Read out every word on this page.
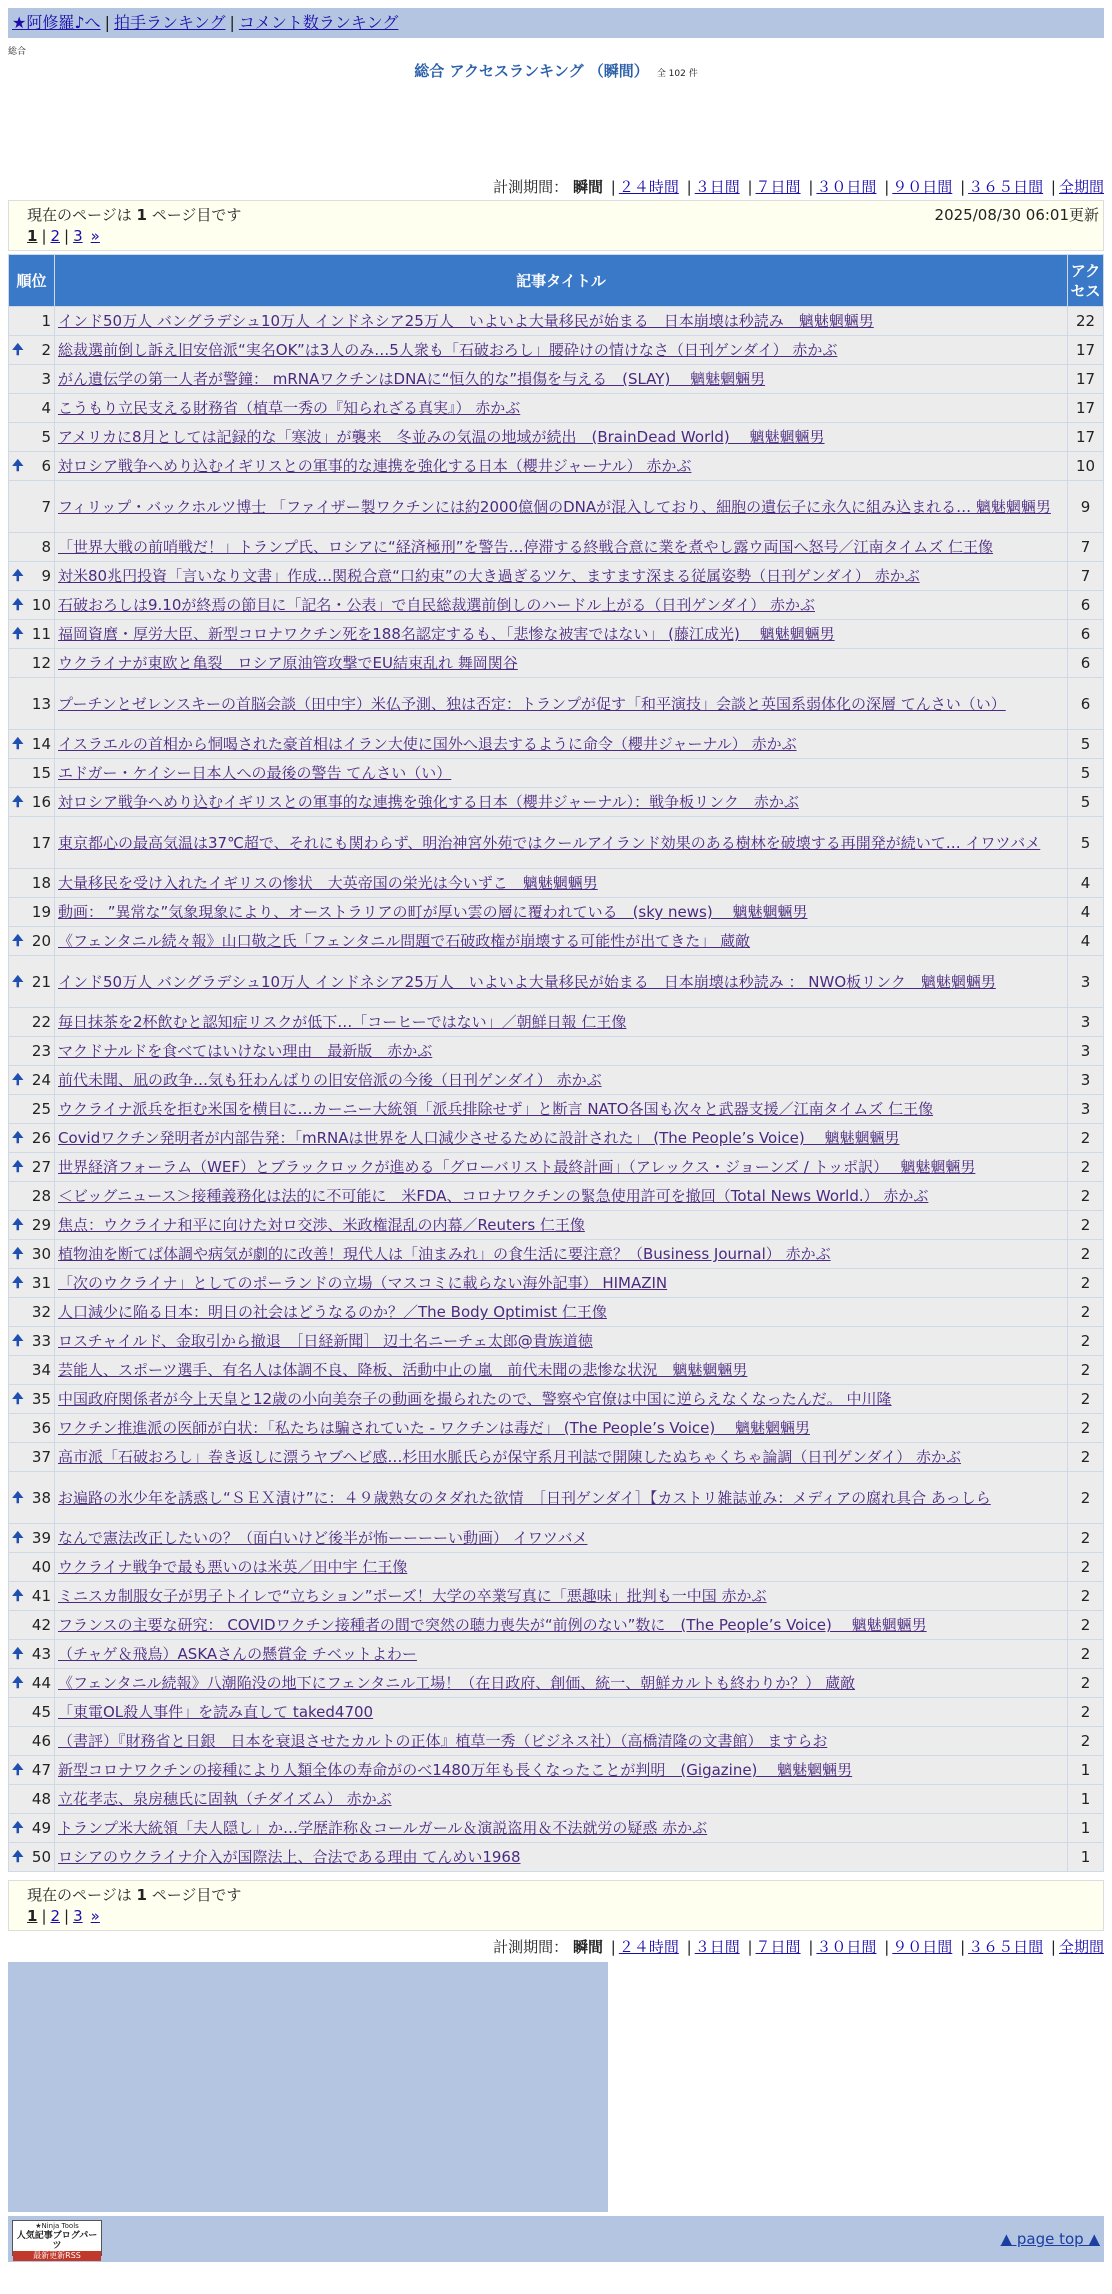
★阿修羅♪へ | 拍手ランキング | コメント数ランキング
総合
総合 アクセスランキング （瞬間） 全 102 件
計測期間： 瞬間 | ２４時間 | ３日間 | ７日間 | ３０日間 | ９０日間 | ３６５日間 | 全期間
現在のページは 1 ページ目です	2025/08/30 06:01更新
1 | 2 | 3 »
順位	記事タイトル	アクセス
1	インド50万人 バングラデシュ10万人 インドネシア25万人　いよいよ大量移民が始まる　日本崩壊は秒読み　魑魅魍魎男	22

🠉 2	総裁選前倒し訴え旧安倍派“実名OK”は3人のみ…5人衆も「石破おろし」腰砕けの情けなさ（日刊ゲンダイ） 赤かぶ	17
3	がん遺伝学の第一人者が警鐘： mRNAワクチンはDNAに“恒久的な”損傷を与える　(SLAY)　 魑魅魍魎男	17
4	こうもり立民支える財務省（植草一秀の『知られざる真実』） 赤かぶ	17
5	アメリカに8月としては記録的な「寒波」が襲来　冬並みの気温の地域が続出　(BrainDead World)　 魑魅魍魎男	17

🠉 6	対ロシア戦争へめり込むイギリスとの軍事的な連携を強化する日本（櫻井ジャーナル） 赤かぶ	10
7	フィリップ・バックホルツ博士 「ファイザー製ワクチンには約2000億個のDNAが混入しており、細胞の遺伝子に永久に組み込まれる… 魑魅魍魎男	9
8	「世界大戦の前哨戦だ！」トランプ氏、ロシアに“経済極刑”を警告…停滞する終戦合意に業を煮やし露ウ両国へ怒号／江南タイムズ 仁王像	7

🠉 9	対米80兆円投資「言いなり文書」作成…関税合意“口約束”の大き過ぎるツケ、ますます深まる従属姿勢（日刊ゲンダイ） 赤かぶ	7

🠉 10	石破おろしは9.10が終焉の節目に「記名・公表」で自民総裁選前倒しのハードル上がる（日刊ゲンダイ） 赤かぶ	6

🠉 11	福岡資麿・厚労大臣、新型コロナワクチン死を188名認定するも、「悲惨な被害ではない」 (藤江成光)　 魑魅魍魎男	6
12	ウクライナが東欧と亀裂　ロシア原油管攻撃でEU結束乱れ 舞岡関谷	6
13	プーチンとゼレンスキーの首脳会談（田中宇）米仏予測、独は否定：トランプが促す「和平演技」会談と英国系弱体化の深層 てんさい（い）	6

🠉 14	イスラエルの首相から恫喝された豪首相はイラン大使に国外へ退去するように命令（櫻井ジャーナル） 赤かぶ	5
15	エドガー・ケイシー日本人への最後の警告 てんさい（い）	5

🠉 16	対ロシア戦争へめり込むイギリスとの軍事的な連携を強化する日本（櫻井ジャーナル）：戦争板リンク　赤かぶ	5
17	東京都心の最高気温は37℃超で、それにも関わらず、明治神宮外苑ではクールアイランド効果のある樹林を破壊する再開発が続いて… イワツバメ	5
18	大量移民を受け入れたイギリスの惨状　大英帝国の栄光は今いずこ　魑魅魍魎男	4
19	動画： ”異常な”気象現象により、オーストラリアの町が厚い雲の層に覆われている　(sky news)　 魑魅魍魎男	4

🠉 20	《フェンタニル続々報》山口敬之氏「フェンタニル問題で石破政権が崩壊する可能性が出てきた」 蔵敵	4

🠉 21	インド50万人 バングラデシュ10万人 インドネシア25万人　いよいよ大量移民が始まる　日本崩壊は秒読み ： NWO板リンク　魑魅魍魎男	3
22	毎日抹茶を2杯飲むと認知症リスクが低下…「コーヒーではない」／朝鮮日報 仁王像	3
23	マクドナルドを食べてはいけない理由　最新版　赤かぶ	3

🠉 24	前代未聞、凪の政争…気も狂わんばりの旧安倍派の今後（日刊ゲンダイ） 赤かぶ	3
25	ウクライナ派兵を拒む米国を横目に…カーニー大統領「派兵排除せず」と断言 NATO各国も次々と武器支援／江南タイムズ 仁王像	3

🠉 26	Covidワクチン発明者が内部告発：「mRNAは世界を人口減少させるために設計された」 (The People’s Voice)　 魑魅魍魎男	2

🠉 27	世界経済フォーラム（WEF）とブラックロックが進める「グローバリスト最終計画」（アレックス・ジョーンズ / トッポ訳）　 魑魅魍魎男	2
28	＜ビッグニュース＞接種義務化は法的に不可能に　米FDA、コロナワクチンの緊急使用許可を撤回（Total News World.） 赤かぶ	2

🠉 29	焦点：ウクライナ和平に向けた対ロ交渉、米政権混乱の内幕／Reuters 仁王像	2

🠉 30	植物油を断てば体調や病気が劇的に改善！現代人は「油まみれ」の食生活に要注意？（Business Journal） 赤かぶ	2

🠉 31	「次のウクライナ」としてのポーランドの立場（マスコミに載らない海外記事） HIMAZIN	2
32	人口減少に陥る日本：明日の社会はどうなるのか？／The Body Optimist 仁王像	2

🠉 33	ロスチャイルド、金取引から撤退　［日経新聞］ 辺土名ニーチェ太郎@貴族道徳	2
34	芸能人、スポーツ選手、有名人は体調不良、降板、活動中止の嵐　前代未聞の悲惨な状況　魑魅魍魎男	2

🠉 35	中国政府関係者が今上天皇と12歳の小向美奈子の動画を撮られたので、警察や官僚は中国に逆らえなくなったんだ。 中川隆	2
36	ワクチン推進派の医師が白状：「私たちは騙されていた - ワクチンは毒だ」 (The People’s Voice)　 魑魅魍魎男	2
37	高市派「石破おろし」巻き返しに漂うヤブヘビ感…杉田水脈氏らが保守系月刊誌で開陳したぬちゃくちゃ論調（日刊ゲンダイ） 赤かぶ	2

🠉 38	お遍路の氷少年を誘惑し“ＳＥＸ漬け”に：４９歳熟女のタダれた欲情　［日刊ゲンダイ］【カストリ雑誌並み：メディアの腐れ具合 あっしら	2

🠉 39	なんで憲法改正したいの？（面白いけど後半が怖ーーーーい動画） イワツバメ	2
40	ウクライナ戦争で最も悪いのは米英／田中宇 仁王像	2

🠉 41	ミニスカ制服女子が男子トイレで“立ちション”ポーズ！大学の卒業写真に「悪趣味」批判も一中国 赤かぶ	2
42	フランスの主要な研究： COVIDワクチン接種者の間で突然の聴力喪失が“前例のない”数に　(The People’s Voice)　 魑魅魍魎男	2

🠉 43	（チャゲ＆飛鳥）ASKAさんの懸賞金 チベットよわー	2

🠉 44	《フェンタニル続報》八潮陥没の地下にフェンタニル工場！（在日政府、創価、統一、朝鮮カルトも終わりか？） 蔵敵	2
45	「東電OL殺人事件」を読み直して taked4700	2
46	（書評）『財務省と日銀　日本を衰退させたカルトの正体』植草一秀（ビジネス社）（高橋清隆の文書館） ますらお	2

🠉 47	新型コロナワクチンの接種により人類全体の寿命がのべ1480万年も長くなったことが判明　(Gigazine)　 魑魅魍魎男	1
48	立花孝志、泉房穂氏に固執（チダイズム） 赤かぶ	1

🠉 49	トランプ米大統領「夫人隠し」か…学歴詐称＆コールガール＆演説盗用＆不法就労の疑惑 赤かぶ	1

🠉 50	ロシアのウクライナ介入が国際法上、合法である理由 てんめい1968	1
現在のページは 1 ページ目です
1 | 2 | 3 »
計測期間： 瞬間 | ２４時間 | ３日間 | ７日間 | ３０日間 | ９０日間 | ３６５日間 | 全期間
★Ninja Tools
人気記事ブログパーツ
最新更新RSS
▲ page top ▲
